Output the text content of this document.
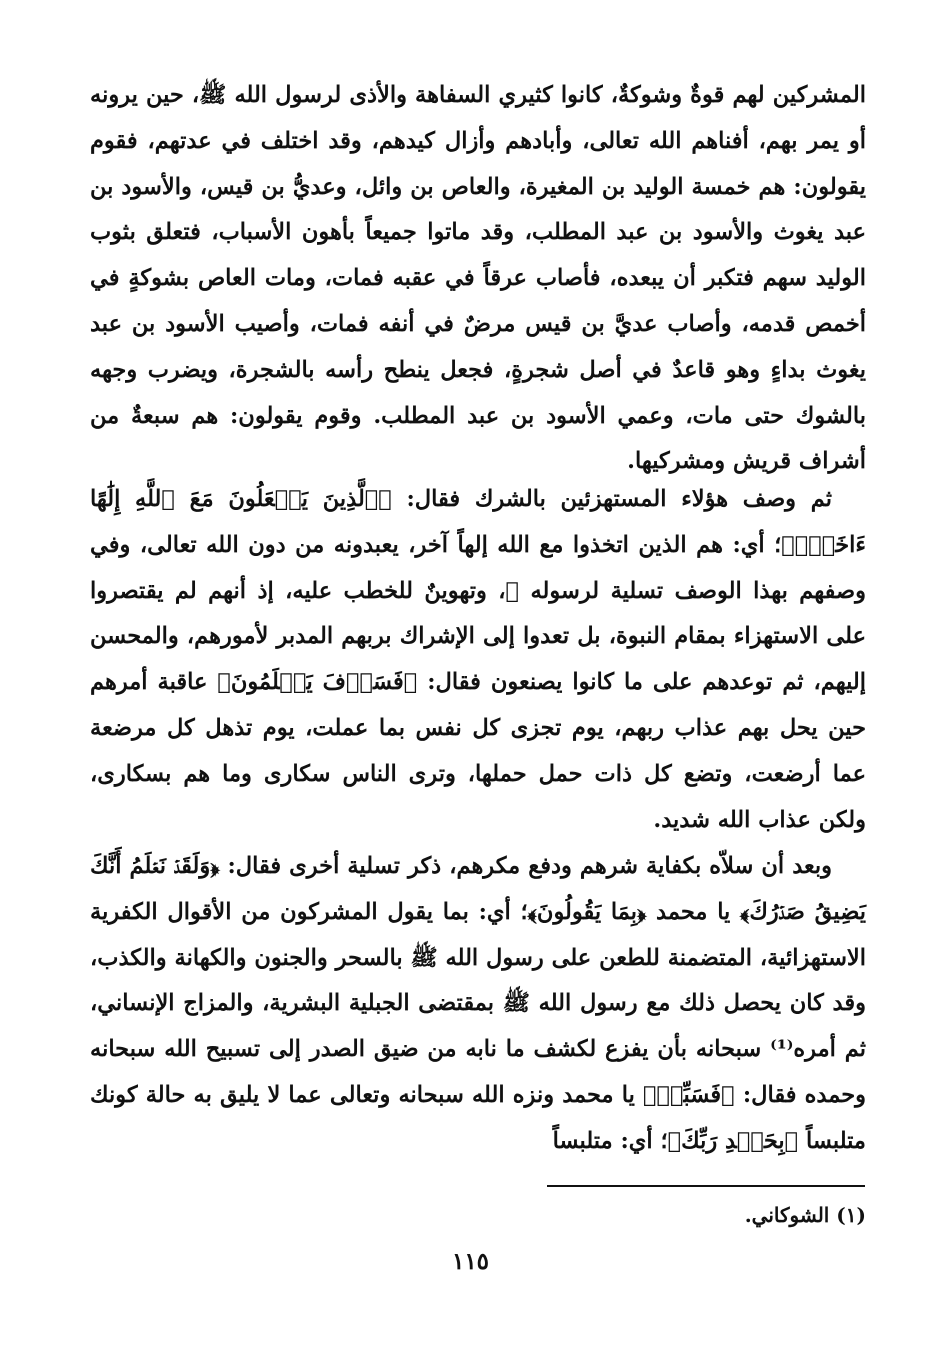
المشركين لهم قوةٌ وشوكةٌ، كانوا كثيري السفاهة والأذى لرسول الله ﷺ، حين يرونه أو يمر بهم، أفناهم الله تعالى، وأبادهم وأزال كيدهم، وقد اختلف في عدتهم، فقوم يقولون: هم خمسة الوليد بن المغيرة، والعاص بن وائل، وعديُّ بن قيس، والأسود بن عبد يغوث والأسود بن عبد المطلب، وقد ماتوا جميعاً بأهون الأسباب، فتعلق بثوب الوليد سهم فتكبر أن يبعده، فأصاب عرقاً في عقبه فمات، ومات العاص بشوكةٍ في أخمص قدمه، وأصاب عديَّ بن قيس مرضٌ في أنفه فمات، وأصيب الأسود بن عبد يغوث بداءٍ وهو قاعدٌ في أصل شجرةٍ، فجعل ينطح رأسه بالشجرة، ويضرب وجهه بالشوك حتى مات، وعمي الأسود بن عبد المطلب. وقوم يقولون: هم سبعةٌ من أشراف قريش ومشركيها.

ثم وصف هؤلاء المستهزئين بالشرك فقال: ﴿ٱلَّذِينَ يَجۡعَلُونَ مَعَ ٱللَّهِ إِلَٰهًا ءَاخَرَۚ﴾؛ أي: هم الذين اتخذوا مع الله إلهاً آخر، يعبدونه من دون الله تعالى، وفي وصفهم بهذا الوصف تسلية لرسوله ﷺ، وتهوينٌ للخطب عليه، إذ أنهم لم يقتصروا على الاستهزاء بمقام النبوة، بل تعدوا إلى الإشراك بربهم المدبر لأمورهم، والمحسن إليهم، ثم توعدهم على ما كانوا يصنعون فقال: ﴿فَسَوۡفَ يَعۡلَمُونَ﴾ عاقبة أمرهم حين يحل بهم عذاب ربهم، يوم تجزى كل نفس بما عملت، يوم تذهل كل مرضعة عما أرضعت، وتضع كل ذات حمل حملها، وترى الناس سكارى وما هم بسكارى، ولكن عذاب الله شديد.

وبعد أن سلاّه بكفاية شرهم ودفع مكرهم، ذكر تسلية أخرى فقال: ﴿وَلَقَدۡ نَعۡلَمُ أَنَّكَ يَضِيقُ صَدۡرُكَ﴾ يا محمد ﴿بِمَا يَقُولُونَ﴾؛ أي: بما يقول المشركون من الأقوال الكفرية الاستهزائية، المتضمنة للطعن على رسول الله ﷺ بالسحر والجنون والكهانة والكذب، وقد كان يحصل ذلك مع رسول الله ﷺ بمقتضى الجبلية البشرية، والمزاج الإنساني، ثم أمره⁽¹⁾ سبحانه بأن يفزع لكشف ما نابه من ضيق الصدر إلى تسبيح الله سبحانه وحمده فقال: ﴿فَسَبِّحۡ﴾ يا محمد ونزه الله سبحانه وتعالى عما لا يليق به حالة كونك متلبساً ﴿بِحَمۡدِ رَبِّكَ﴾؛ أي: متلبساً

(١) الشوكاني.
١١٥
